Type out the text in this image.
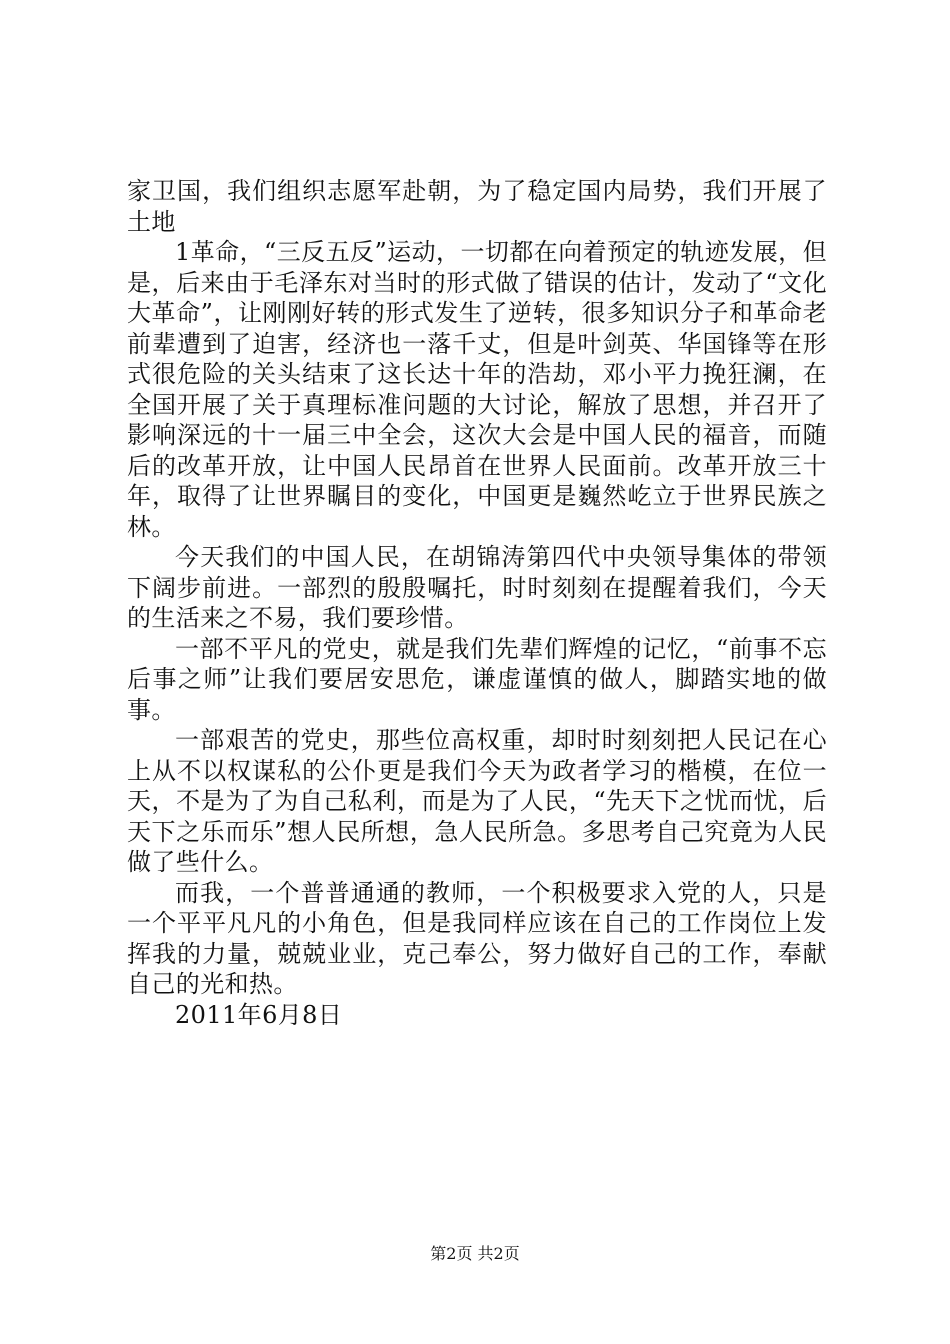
家卫国，我们组织志愿军赴朝，为了稳定国内局势，我们开展了土地

1革命，“三反五反”运动，一切都在向着预定的轨迹发展，但是，后来由于毛泽东对当时的形式做了错误的估计，发动了“文化大革命”，让刚刚好转的形式发生了逆转，很多知识分子和革命老前辈遭到了迫害，经济也一落千丈，但是叶剑英、华国锋等在形式很危险的关头结束了这长达十年的浩劫，邓小平力挽狂澜，在全国开展了关于真理标准问题的大讨论，解放了思想，并召开了影响深远的十一届三中全会，这次大会是中国人民的福音，而随后的改革开放，让中国人民昂首在世界人民面前。改革开放三十年，取得了让世界瞩目的变化，中国更是巍然屹立于世界民族之林。

今天我们的中国人民，在胡锦涛第四代中央领导集体的带领下阔步前进。一部烈的殷殷嘱托，时时刻刻在提醒着我们，今天的生活来之不易，我们要珍惜。

一部不平凡的党史，就是我们先辈们辉煌的记忆，“前事不忘后事之师”让我们要居安思危，谦虚谨慎的做人，脚踏实地的做事。

一部艰苦的党史，那些位高权重，却时时刻刻把人民记在心上从不以权谋私的公仆更是我们今天为政者学习的楷模，在位一天，不是为了为自己私利，而是为了人民，“先天下之忧而忧，后天下之乐而乐”想人民所想，急人民所急。多思考自己究竟为人民做了些什么。

而我，一个普普通通的教师，一个积极要求入党的人，只是一个平平凡凡的小角色，但是我同样应该在自己的工作岗位上发挥我的力量，兢兢业业，克己奉公，努力做好自己的工作，奉献自己的光和热。

2011年6月8日

第2页 共2页
